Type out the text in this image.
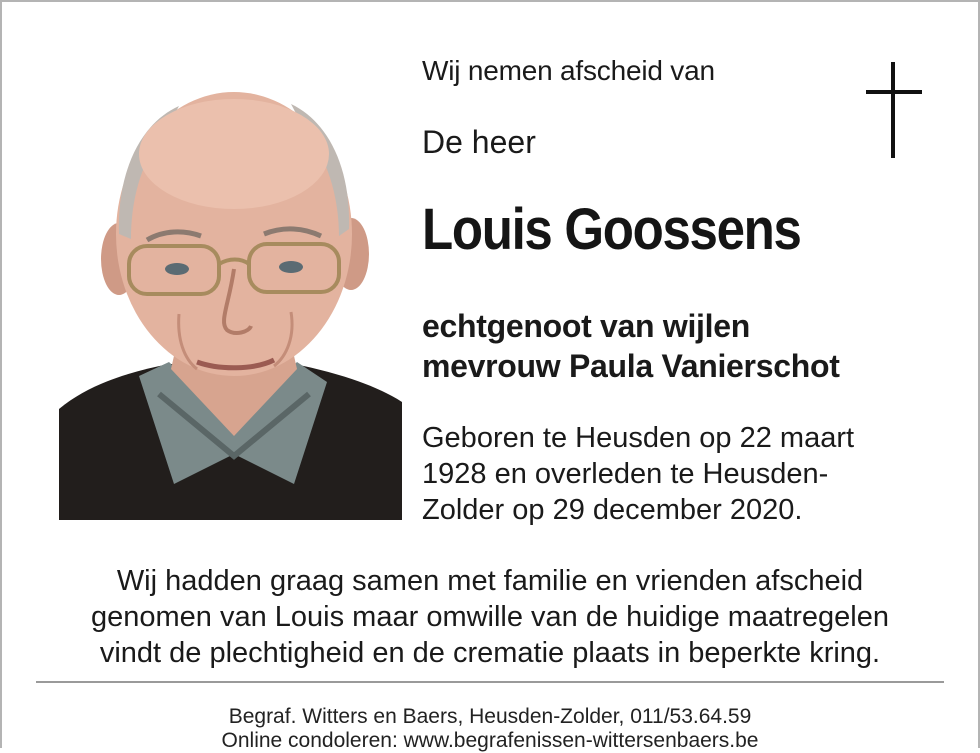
Wij nemen afscheid van
De heer
Louis Goossens
echtgenoot van wijlen
mevrouw Paula Vanierschot
Geboren te Heusden op 22 maart
1928 en overleden te Heusden-
Zolder op 29 december 2020.
Wij hadden graag samen met familie en vrienden afscheid
genomen van Louis maar omwille van de huidige maatregelen
vindt de plechtigheid en de crematie plaats in beperkte kring.
Begraf. Witters en Baers, Heusden-Zolder, 011/53.64.59
Online condoleren: www.begrafenissen-wittersenbaers.be
